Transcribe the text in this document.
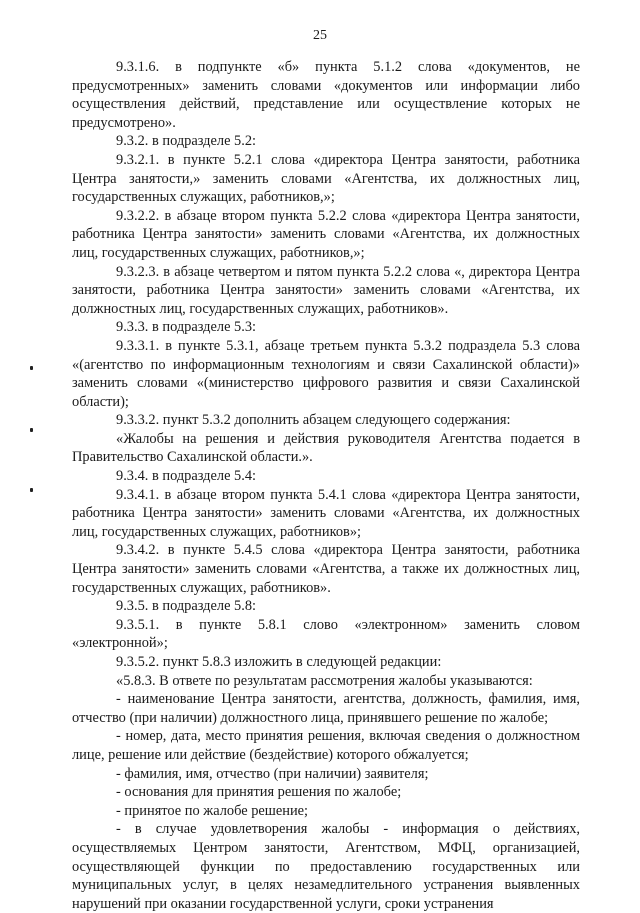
25

9.3.1.6. в подпункте «б» пункта 5.1.2 слова «документов, не предусмотренных» заменить словами «документов или информации либо осуществления действий, представление или осуществление которых не предусмотрено».

9.3.2. в подразделе 5.2:

9.3.2.1. в пункте 5.2.1 слова «директора Центра занятости, работника Центра занятости,» заменить словами «Агентства, их должностных лиц, государственных служащих, работников,»;

9.3.2.2. в абзаце втором пункта 5.2.2 слова «директора Центра занятости, работника Центра занятости» заменить словами «Агентства, их должностных лиц, государственных служащих, работников,»;

9.3.2.3. в абзаце четвертом и пятом пункта 5.2.2 слова «, директора Центра занятости, работника Центра занятости» заменить словами «Агентства, их должностных лиц, государственных служащих, работников».

9.3.3. в подразделе 5.3:

9.3.3.1. в пункте 5.3.1, абзаце третьем пункта 5.3.2 подраздела 5.3 слова «(агентство по информационным технологиям и связи Сахалинской области)» заменить словами «(министерство цифрового развития и связи Сахалинской области);

9.3.3.2. пункт 5.3.2 дополнить абзацем следующего содержания:

«Жалобы на решения и действия руководителя Агентства подается в Правительство Сахалинской области.».

9.3.4. в подразделе 5.4:

9.3.4.1. в абзаце втором пункта 5.4.1 слова «директора Центра занятости, работника Центра занятости» заменить словами «Агентства, их должностных лиц, государственных служащих, работников»;

9.3.4.2. в пункте 5.4.5 слова «директора Центра занятости, работника Центра занятости» заменить словами «Агентства, а также их должностных лиц, государственных служащих, работников».

9.3.5. в подразделе 5.8:

9.3.5.1. в пункте 5.8.1 слово «электронном» заменить словом «электронной»;

9.3.5.2. пункт 5.8.3 изложить в следующей редакции:

«5.8.3. В ответе по результатам рассмотрения жалобы указываются:

- наименование Центра занятости, агентства, должность, фамилия, имя, отчество (при наличии) должностного лица, принявшего решение по жалобе;

- номер, дата, место принятия решения, включая сведения о должностном лице, решение или действие (бездействие) которого обжалуется;

- фамилия, имя, отчество (при наличии) заявителя;

- основания для принятия решения по жалобе;

- принятое по жалобе решение;

- в случае удовлетворения жалобы - информация о действиях, осуществляемых Центром занятости, Агентством, МФЦ, организацией, осуществляющей функции по предоставлению государственных или муниципальных услуг, в целях незамедлительного устранения выявленных нарушений при оказании государственной услуги, сроки устранения
